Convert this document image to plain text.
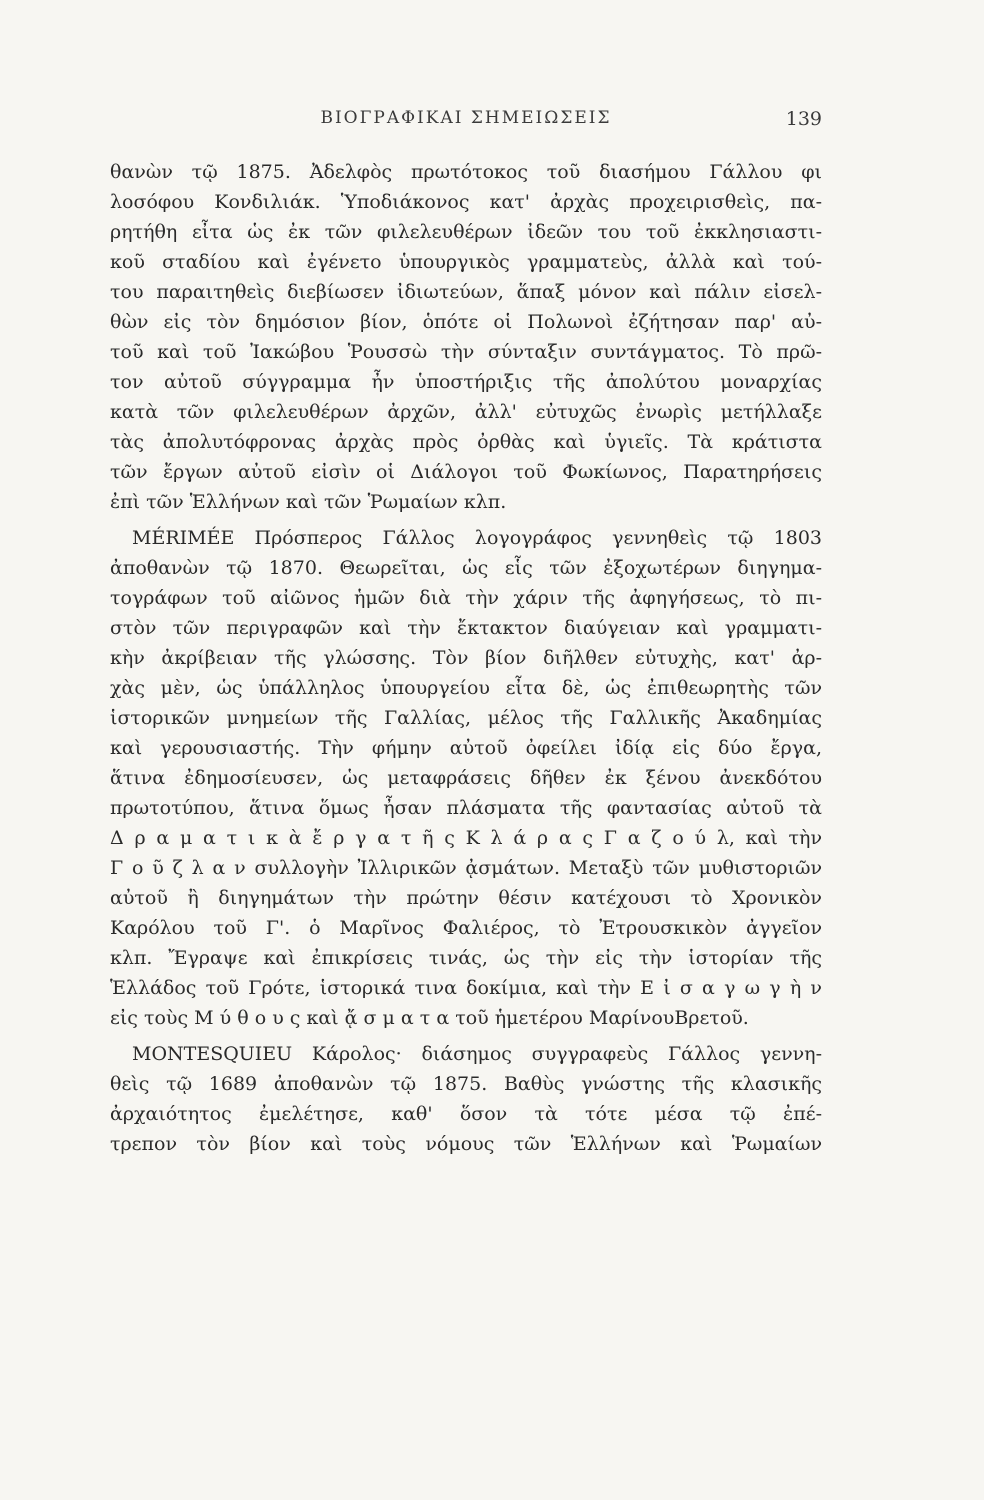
ΒΙΟΓΡΑΦΙΚΑΙ ΣΗΜΕΙΩΣΕΙΣ	139
θανὼν τῷ 1875. Ἀδελφὸς πρωτότοκος τοῦ διασήμου Γάλλου φι
λοσόφου Κονδιλιάκ. Ὑποδιάκονος κατ' ἀρχὰς προχειρισθεὶς, πα-
ρητήθη εἶτα ὡς ἐκ τῶν φιλελευθέρων ἰδεῶν του τοῦ ἐκκλησιαστι-
κοῦ σταδίου καὶ ἐγένετο ὑπουργικὸς γραμματεὺς, ἀλλὰ καὶ τού-
του παραιτηθεὶς διεβίωσεν ἰδιωτεύων, ἅπαξ μόνον καὶ πάλιν εἰσελ-
θὼν εἰς τὸν δημόσιον βίον, ὁπότε οἱ Πολωνοὶ ἐζήτησαν παρ' αὐ-
τοῦ καὶ τοῦ Ἰακώβου Ῥουσσὼ τὴν σύνταξιν συντάγματος. Τὸ πρῶ-
τον αὐτοῦ σύγγραμμα ἦν ὑποστήριξις τῆς ἀπολύτου μοναρχίας
κατὰ τῶν φιλελευθέρων ἀρχῶν, ἀλλ' εὐτυχῶς ἐνωρὶς μετήλλαξε
τὰς ἀπολυτόφρονας ἀρχὰς πρὸς ὀρθὰς καὶ ὑγιεῖς. Τὰ κράτιστα
τῶν ἔργων αὐτοῦ εἰσὶν οἱ Διάλογοι τοῦ Φωκίωνος, Παρατηρήσεις
ἐπὶ τῶν Ἑλλήνων καὶ τῶν Ῥωμαίων κλπ.
MÉRIMÉE Πρόσπερος Γάλλος λογογράφος γεννηθεὶς τῷ 1803
ἀποθανὼν τῷ 1870. Θεωρεῖται, ὡς εἷς τῶν ἐξοχωτέρων διηγημα-
τογράφων τοῦ αἰῶνος ἡμῶν διὰ τὴν χάριν τῆς ἀφηγήσεως, τὸ πι-
στὸν τῶν περιγραφῶν καὶ τὴν ἔκτακτον διαύγειαν καὶ γραμματι-
κὴν ἀκρίβειαν τῆς γλώσσης. Τὸν βίον διῆλθεν εὐτυχὴς, κατ' ἀρ-
χὰς μὲν, ὡς ὑπάλληλος ὑπουργείου εἶτα δὲ, ὡς ἐπιθεωρητὴς τῶν
ἱστορικῶν μνημείων τῆς Γαλλίας, μέλος τῆς Γαλλικῆς Ἀκαδημίας
καὶ γερουσιαστής. Τὴν φήμην αὐτοῦ ὀφείλει ἰδίᾳ εἰς δύο ἔργα,
ἅτινα ἐδημοσίευσεν, ὡς μεταφράσεις δῆθεν ἐκ ξένου ἀνεκδότου
πρωτοτύπου, ἅτινα ὅμως ἦσαν πλάσματα τῆς φαντασίας αὐτοῦ τὰ
Δ ρ α μ α τ ι κ ὰ ἔ ρ γ α τ ῆ ς Κ λ ά ρ α ς Γ α ζ ο ύ λ, καὶ τὴν
Γ ο ῦ ζ λ α ν συλλογὴν Ἰλλιρικῶν ᾀσμάτων. Μεταξὺ τῶν μυθιστοριῶν
αὐτοῦ ἢ διηγημάτων τὴν πρώτην θέσιν κατέχουσι τὸ Χρονικὸν
Καρόλου τοῦ Γ'. ὁ Μαρῖνος Φαλιέρος, τὸ Ἐτρουσκικὸν ἀγγεῖον
κλπ. Ἔγραψε καὶ ἐπικρίσεις τινάς, ὡς τὴν εἰς τὴν ἱστορίαν τῆς
Ἑλλάδος τοῦ Γρότε, ἱστορικά τινα δοκίμια, καὶ τὴν Ε ἰ σ α γ ω γ ὴ ν
εἰς τοὺς Μ ύ θ ο υ ς καὶ ᾄ σ μ α τ α τοῦ ἡμετέρου ΜαρίνουΒρετοῦ.
MONTESQUIEU Κάρολος· διάσημος συγγραφεὺς Γάλλος γεννη-
θεὶς τῷ 1689 ἀποθανὼν τῷ 1875. Βαθὺς γνώστης τῆς κλασικῆς
ἀρχαιότητος ἐμελέτησε, καθ' ὅσον τὰ τότε μέσα τῷ ἐπέ-
τρεπον τὸν βίον καὶ τοὺς νόμους τῶν Ἑλλήνων καὶ Ῥωμαίων
